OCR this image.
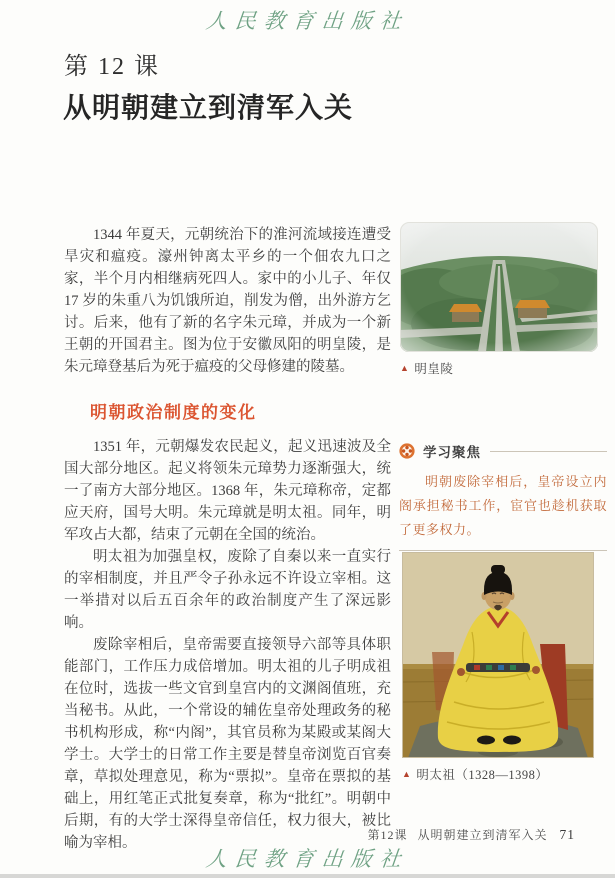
人民教育出版社
第 12 课
从明朝建立到清军入关

1344 年夏天，元朝统治下的淮河流域接连遭受旱灾和瘟疫。濠州钟离太平乡的一个佃农九口之家，半个月内相继病死四人。家中的小儿子、年仅 17 岁的朱重八为饥饿所迫，削发为僧，出外游方乞讨。后来，他有了新的名字朱元璋，并成为一个新王朝的开国君主。图为位于安徽凤阳的明皇陵，是朱元璋登基后为死于瘟疫的父母修建的陵墓。	▲ 明皇陵
明朝政治制度的变化

1351 年，元朝爆发农民起义，起义迅速波及全国大部分地区。起义将领朱元璋势力逐渐强大，统一了南方大部分地区。1368 年，朱元璋称帝，定都应天府，国号大明。朱元璋就是明太祖。同年，明军攻占大都，结束了元朝在全国的统治。

明太祖为加强皇权，废除了自秦以来一直实行的宰相制度，并且严令子孙永远不许设立宰相。这一举措对以后五百余年的政治制度产生了深远影响。

废除宰相后，皇帝需要直接领导六部等具体职能部门，工作压力成倍增加。明太祖的儿子明成祖在位时，选拔一些文官到皇宫内的文渊阁值班，充当秘书。从此，一个常设的辅佐皇帝处理政务的秘书机构形成，称“内阁”，其官员称为某殿或某阁大学士。大学士的日常工作主要是替皇帝浏览百官奏章，草拟处理意见，称为“票拟”。皇帝在票拟的基础上，用红笔正式批复奏章，称为“批红”。明朝中后期，有的大学士深得皇帝信任，权力很大，被比喻为宰相。

学习聚焦

明朝废除宰相后，皇帝设立内阁承担秘书工作，宦官也趁机获取了更多权力。

▲ 明太祖（1328—1398）
第12课 从明朝建立到清军入关 71
人民教育出版社
